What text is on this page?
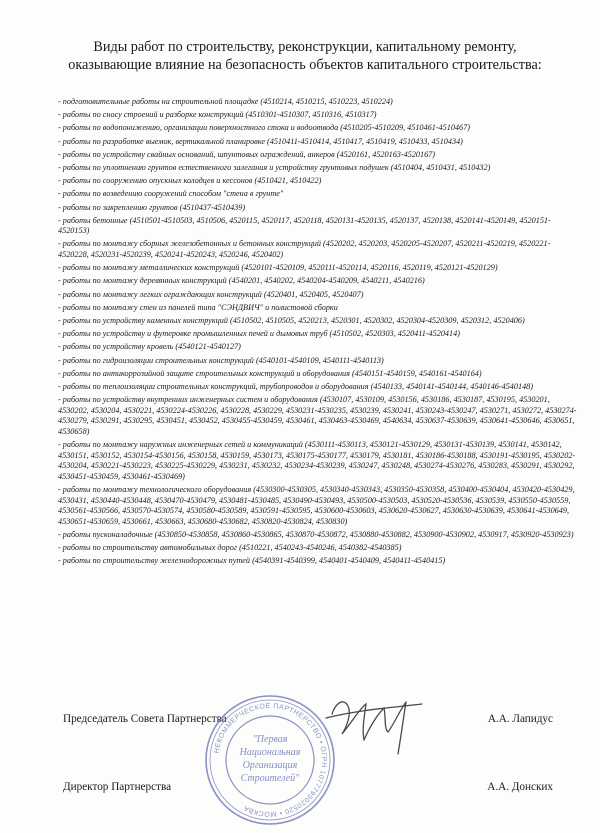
Виды работ по строительству, реконструкции, капитальному ремонту,
оказывающие влияние на безопасность объектов капитального строительства:
- подготовительные работы на строительной площадке (4510214, 4510215, 4510223, 4510224)
- работы по сносу строений и разборке конструкций (4510301-4510307, 4510316, 4510317)
- работы по водопонижению, организации поверхностного стока и водоотвода (4510205-4510209, 4510461-4510467)
- работы по разработке выемок, вертикальной планировке (4510411-4510414, 4510417, 4510419, 4510433, 4510434)
- работы по устройству свайных оснований, шпунтовых ограждений, анкеров (4520161, 4520163-4520167)
- работы по уплотнению грунтов естественного залегания и устройству грунтовых подушек (4510404, 4510431, 4510432)
- работы по сооружению опускных колодцев и кессонов (4510421, 4510422)
- работы по возведению сооружений способом "стена в грунте"
- работы по закреплению грунтов (4510437-4510439)
- работы бетонные (4510501-4510503, 4510506, 4520115, 4520117, 4520118, 4520131-4520135, 4520137, 4520138, 4520141-4520149, 4520151-4520153)
- работы по монтажу сборных железобетонных и бетонных конструкций (4520202, 4520203, 4520205-4520207, 4520211-4520219, 4520221-4520228, 4520231-4520239, 4520241-4520243, 4520246, 4520402)
- работы по монтажу металлических конструкций (4520101-4520109, 4520111-4520114, 4520116, 4520119, 4520121-4520129)
- работы по монтажу деревянных конструкций (4540201, 4540202, 4540204-4540209, 4540211, 4540216)
- работы по монтажу легких ограждающих конструкций (4520401, 4520405, 4520407)
- работы по монтажу стен из панелей типа "СЭНДВИЧ" и полистовой сборки
- работы по устройству каменных конструкций (4510502, 4510505, 4520213, 4520301, 4520302, 4520304-4520309, 4520312, 4520406)
- работы по устройству и футеровке промышленных печей и дымовых труб (4510502, 4520303, 4520411-4520414)
- работы по устройству кровель (4540121-4540127)
- работы по гидроизоляции строительных конструкций (4540101-4540109, 4540111-4540113)
- работы по антикоррозийной защите строительных конструкций и оборудования (4540151-4540159, 4540161-4540164)
- работы по теплоизоляции строительных конструкций, трубопроводов и оборудования (4540133, 4540141-4540144, 4540146-4540148)
- работы по устройству внутренних инженерных систем и оборудования (4530107, 4530109, 4530156, 4530186, 4530187, 4530195, 4530201, 4530202, 4530204, 4530221, 4530224-4530226, 4530228, 4530229, 4530231-4530235, 4530239, 4530241, 4530243-4530247, 4530271, 4530272, 4530274-4530279, 4530291, 4530295, 4530451, 4530452, 4530455-4530459, 4530461, 4530463-4530469, 4540634, 4530637-4530639, 4530641-4530646, 4530651, 4530658)
- работы по монтажу наружных инженерных сетей и коммуникаций (4530111-4530113, 4530121-4530129, 4530131-4530139, 4530141, 4530142, 4530151, 4530152, 4530154-4530156, 4530158, 4530159, 4530173, 4530175-4530177, 4530179, 4530181, 4530186-4530188, 4530191-4530195, 4530202-4530204, 4530221-4530223, 4530225-4530229, 4530231, 4530232, 4530234-4530239, 4530247, 4530248, 4530274-4530276, 4530283, 4530291, 4530292, 4530451-4530459, 4530461-4530469)
- работы по монтажу технологического оборудования (4530300-4530305, 4530340-4530343, 4530350-4530358, 4530400-4530404, 4530420-4530429, 4530431, 4530440-4530448, 4530470-4530479, 4530481-4530485, 4530490-4530493, 4530500-4530503, 4530520-4530536, 4530539, 4530550-4530559, 4530561-4530566, 4530570-4530574, 4530580-4530589, 4530591-4530595, 4530600-4530603, 4530620-4530627, 4530630-4530639, 4530641-4530649, 4530651-4530659, 4530661, 4530663, 4530680-4530682, 4530820-4530824, 4530830)
- работы пусконаладочные (4530850-4530858, 4530860-4530865, 4530870-4530872, 4530880-4530882, 4530900-4530902, 4530917, 4530920-4530923)
- работы по строительству автомобильных дорог (4510221, 4540243-4540246, 4540382-4540385)
- работы по строительству железнодорожных путей (4540391-4540399, 4540401-4540409, 4540411-4540415)
Председатель Совета Партнерства	А.А. Лапидус
Директор Партнерства	А.А. Донских
НЕКОММЕРЧЕСКОЕ ПАРТНЕРСТВО • ОГРН 1077799020520 • МОСКВА
"Первая
Национальная
Организация
Строителей"
